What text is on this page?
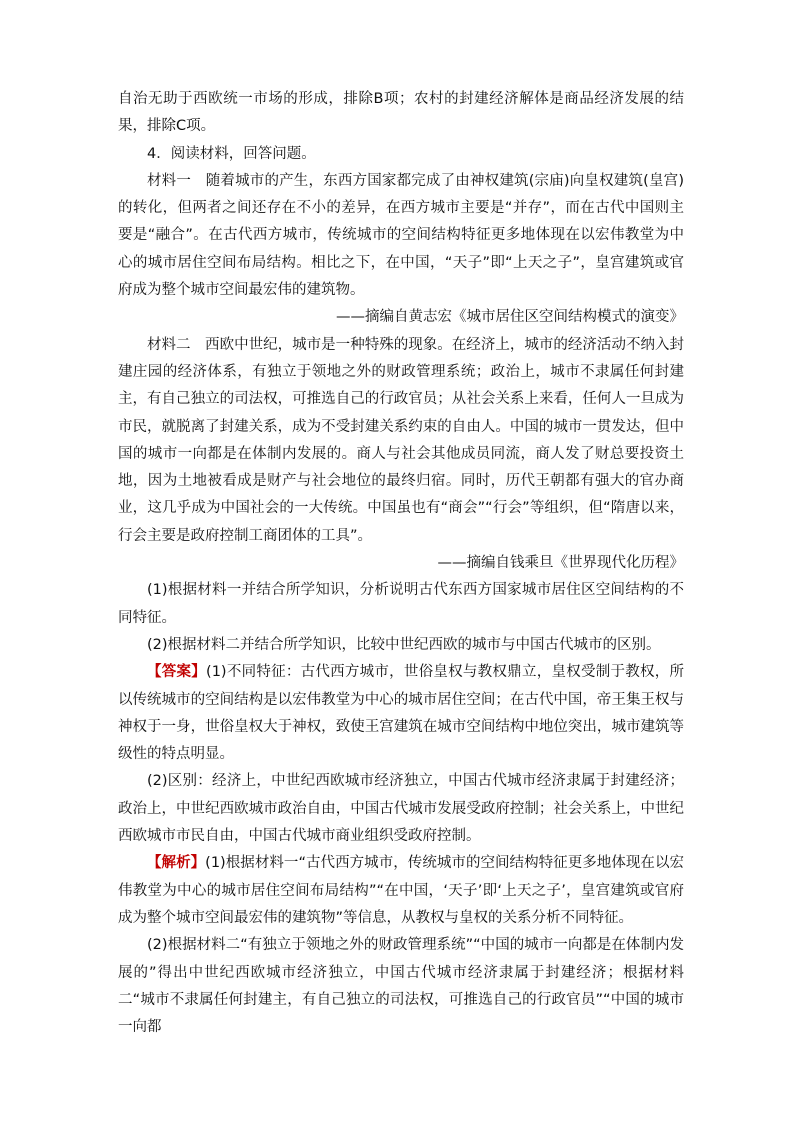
自治无助于西欧统一市场的形成，排除B项；农村的封建经济解体是商品经济发展的结果，排除C项。

4．阅读材料，回答问题。

材料一　随着城市的产生，东西方国家都完成了由神权建筑(宗庙)向皇权建筑(皇宫)的转化，但两者之间还存在不小的差异，在西方城市主要是“并存”，而在古代中国则主要是“融合”。在古代西方城市，传统城市的空间结构特征更多地体现在以宏伟教堂为中心的城市居住空间布局结构。相比之下，在中国，“天子”即“上天之子”，皇宫建筑或官府成为整个城市空间最宏伟的建筑物。

——摘编自黄志宏《城市居住区空间结构模式的演变》

材料二　西欧中世纪，城市是一种特殊的现象。在经济上，城市的经济活动不纳入封建庄园的经济体系，有独立于领地之外的财政管理系统；政治上，城市不隶属任何封建主，有自己独立的司法权，可推选自己的行政官员；从社会关系上来看，任何人一旦成为市民，就脱离了封建关系，成为不受封建关系约束的自由人。中国的城市一贯发达，但中国的城市一向都是在体制内发展的。商人与社会其他成员同流，商人发了财总要投资土地，因为土地被看成是财产与社会地位的最终归宿。同时，历代王朝都有强大的官办商业，这几乎成为中国社会的一大传统。中国虽也有“商会”“行会”等组织，但“隋唐以来，行会主要是政府控制工商团体的工具”。

——摘编自钱乘旦《世界现代化历程》

(1)根据材料一并结合所学知识，分析说明古代东西方国家城市居住区空间结构的不同特征。

(2)根据材料二并结合所学知识，比较中世纪西欧的城市与中国古代城市的区别。

【答案】(1)不同特征：古代西方城市，世俗皇权与教权鼎立，皇权受制于教权，所以传统城市的空间结构是以宏伟教堂为中心的城市居住空间；在古代中国，帝王集王权与神权于一身，世俗皇权大于神权，致使王宫建筑在城市空间结构中地位突出，城市建筑等级性的特点明显。

(2)区别：经济上，中世纪西欧城市经济独立，中国古代城市经济隶属于封建经济；政治上，中世纪西欧城市政治自由，中国古代城市发展受政府控制；社会关系上，中世纪西欧城市市民自由，中国古代城市商业组织受政府控制。

【解析】(1)根据材料一“古代西方城市，传统城市的空间结构特征更多地体现在以宏伟教堂为中心的城市居住空间布局结构”“在中国，‘天子’即‘上天之子’，皇宫建筑或官府成为整个城市空间最宏伟的建筑物”等信息，从教权与皇权的关系分析不同特征。

(2)根据材料二“有独立于领地之外的财政管理系统”“中国的城市一向都是在体制内发展的”得出中世纪西欧城市经济独立，中国古代城市经济隶属于封建经济；根据材料二“城市不隶属任何封建主，有自己独立的司法权，可推选自己的行政官员”“中国的城市一向都
